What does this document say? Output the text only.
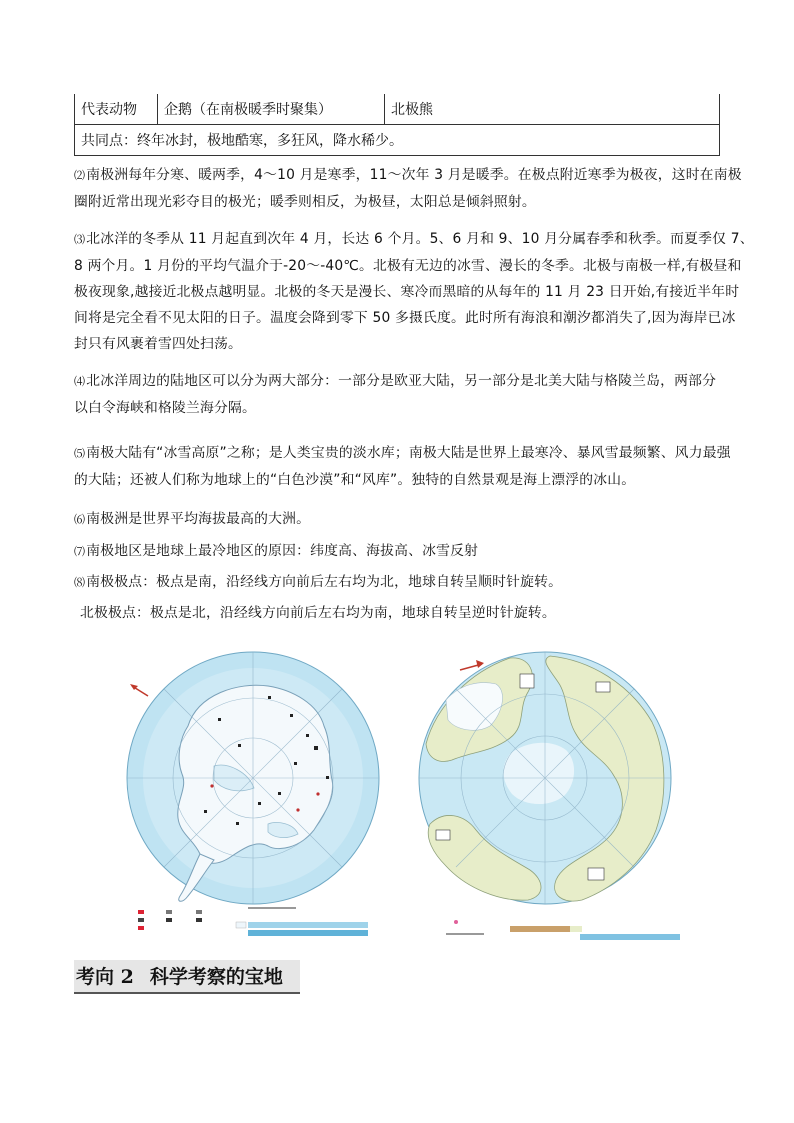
代表动物	企鹅（在南极暖季时聚集）	北极熊
共同点：终年冰封，极地酷寒，多狂风，降水稀少。
⑵南极洲每年分寒、暖两季，4～10 月是寒季，11～次年 3 月是暖季。在极点附近寒季为极夜，这时在南极
圈附近常出现光彩夺目的极光；暖季则相反，为极昼，太阳总是倾斜照射。
⑶北冰洋的冬季从 11 月起直到次年 4 月，长达 6 个月。5、6 月和 9、10 月分属春季和秋季。而夏季仅 7、
8 两个月。1 月份的平均气温介于-20～-40℃。北极有无边的冰雪、漫长的冬季。北极与南极一样,有极昼和
极夜现象,越接近北极点越明显。北极的冬天是漫长、寒冷而黑暗的从每年的 11 月 23 日开始,有接近半年时
间将是完全看不见太阳的日子。温度会降到零下 50 多摄氏度。此时所有海浪和潮汐都消失了,因为海岸已冰
封只有风裹着雪四处扫荡。
⑷北冰洋周边的陆地区可以分为两大部分：一部分是欧亚大陆，另一部分是北美大陆与格陵兰岛，两部分
以白令海峡和格陵兰海分隔。
⑸南极大陆有“冰雪高原”之称；是人类宝贵的淡水库；南极大陆是世界上最寒冷、暴风雪最频繁、风力最强
的大陆；还被人们称为地球上的“白色沙漠”和“风库”。独特的自然景观是海上漂浮的冰山。
⑹南极洲是世界平均海拔最高的大洲。
⑺南极地区是地球上最冷地区的原因：纬度高、海拔高、冰雪反射
⑻南极极点：极点是南，沿经线方向前后左右均为北，地球自转呈顺时针旋转。
北极极点：极点是北，沿经线方向前后左右均为南，地球自转呈逆时针旋转。
考向 2 科学考察的宝地
